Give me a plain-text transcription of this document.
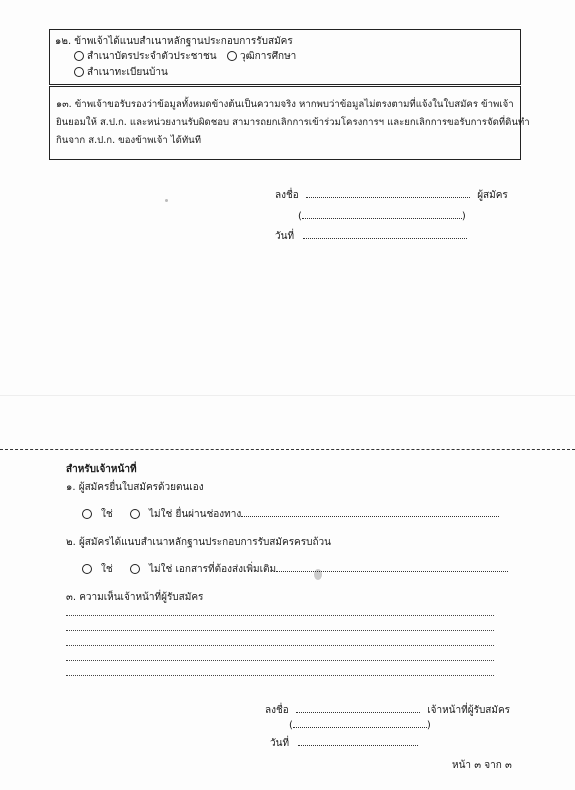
๑๒. ข้าพเจ้าได้แนบสำเนาหลักฐานประกอบการรับสมัคร
สำเนาบัตรประจำตัวประชาชน	วุฒิการศึกษา
สำเนาทะเบียนบ้าน
๑๓. ข้าพเจ้าขอรับรองว่าข้อมูลทั้งหมดข้างต้นเป็นความจริง หากพบว่าข้อมูลไม่ตรงตามที่แจ้งในใบสมัคร ข้าพเจ้า
ยินยอมให้ ส.ป.ก. และหน่วยงานรับผิดชอบ สามารถยกเลิกการเข้าร่วมโครงการฯ และยกเลิกการขอรับการจัดที่ดินทำ
กินจาก ส.ป.ก. ของข้าพเจ้า ได้ทันที
ลงชื่อ	ผู้สมัคร
(	)
วันที่
สำหรับเจ้าหน้าที่
๑. ผู้สมัครยื่นใบสมัครด้วยตนเอง
ใช่	ไม่ใช่ ยื่นผ่านช่องทาง
๒. ผู้สมัครได้แนบสำเนาหลักฐานประกอบการรับสมัครครบถ้วน
ใช่	ไม่ใช่ เอกสารที่ต้องส่งเพิ่มเติม
๓. ความเห็นเจ้าหน้าที่ผู้รับสมัคร
ลงชื่อ	เจ้าหน้าที่ผู้รับสมัคร
(	)
วันที่
หน้า ๓ จาก ๓
